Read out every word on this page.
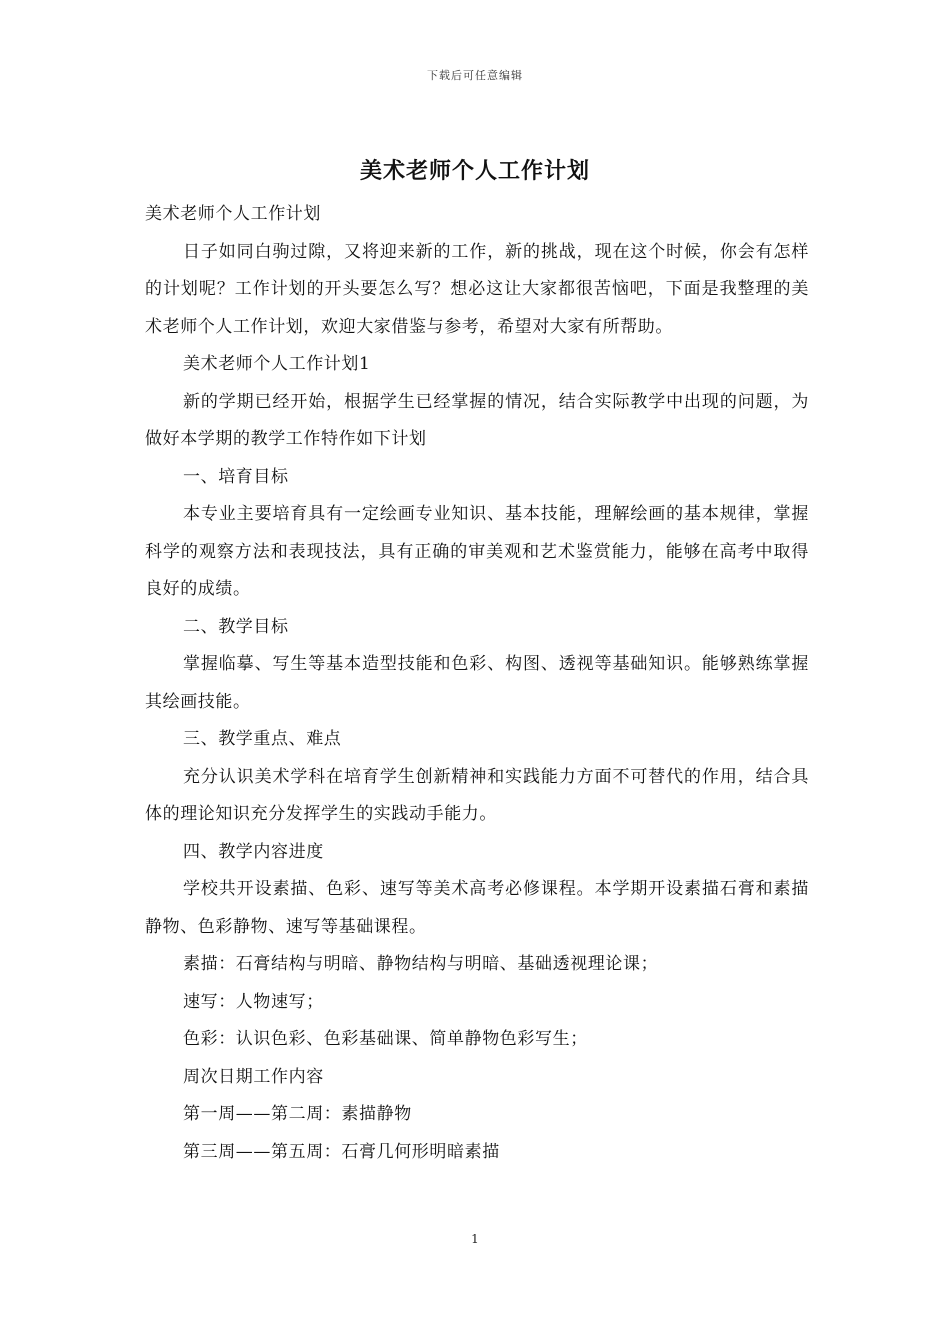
下载后可任意编辑
美术老师个人工作计划

美术老师个人工作计划

日子如同白驹过隙，又将迎来新的工作，新的挑战，现在这个时候，你会有怎样的计划呢？工作计划的开头要怎么写？想必这让大家都很苦恼吧，下面是我整理的美术老师个人工作计划，欢迎大家借鉴与参考，希望对大家有所帮助。

美术老师个人工作计划1

新的学期已经开始，根据学生已经掌握的情况，结合实际教学中出现的问题，为做好本学期的教学工作特作如下计划

一、培育目标

本专业主要培育具有一定绘画专业知识、基本技能，理解绘画的基本规律，掌握科学的观察方法和表现技法，具有正确的审美观和艺术鉴赏能力，能够在高考中取得良好的成绩。

二、教学目标

掌握临摹、写生等基本造型技能和色彩、构图、透视等基础知识。能够熟练掌握其绘画技能。

三、教学重点、难点

充分认识美术学科在培育学生创新精神和实践能力方面不可替代的作用，结合具体的理论知识充分发挥学生的实践动手能力。

四、教学内容进度

学校共开设素描、色彩、速写等美术高考必修课程。本学期开设素描石膏和素描静物、色彩静物、速写等基础课程。

素描：石膏结构与明暗、静物结构与明暗、基础透视理论课；

速写：人物速写；

色彩：认识色彩、色彩基础课、简单静物色彩写生；

周次日期工作内容

第一周——第二周：素描静物

第三周——第五周：石膏几何形明暗素描

1
